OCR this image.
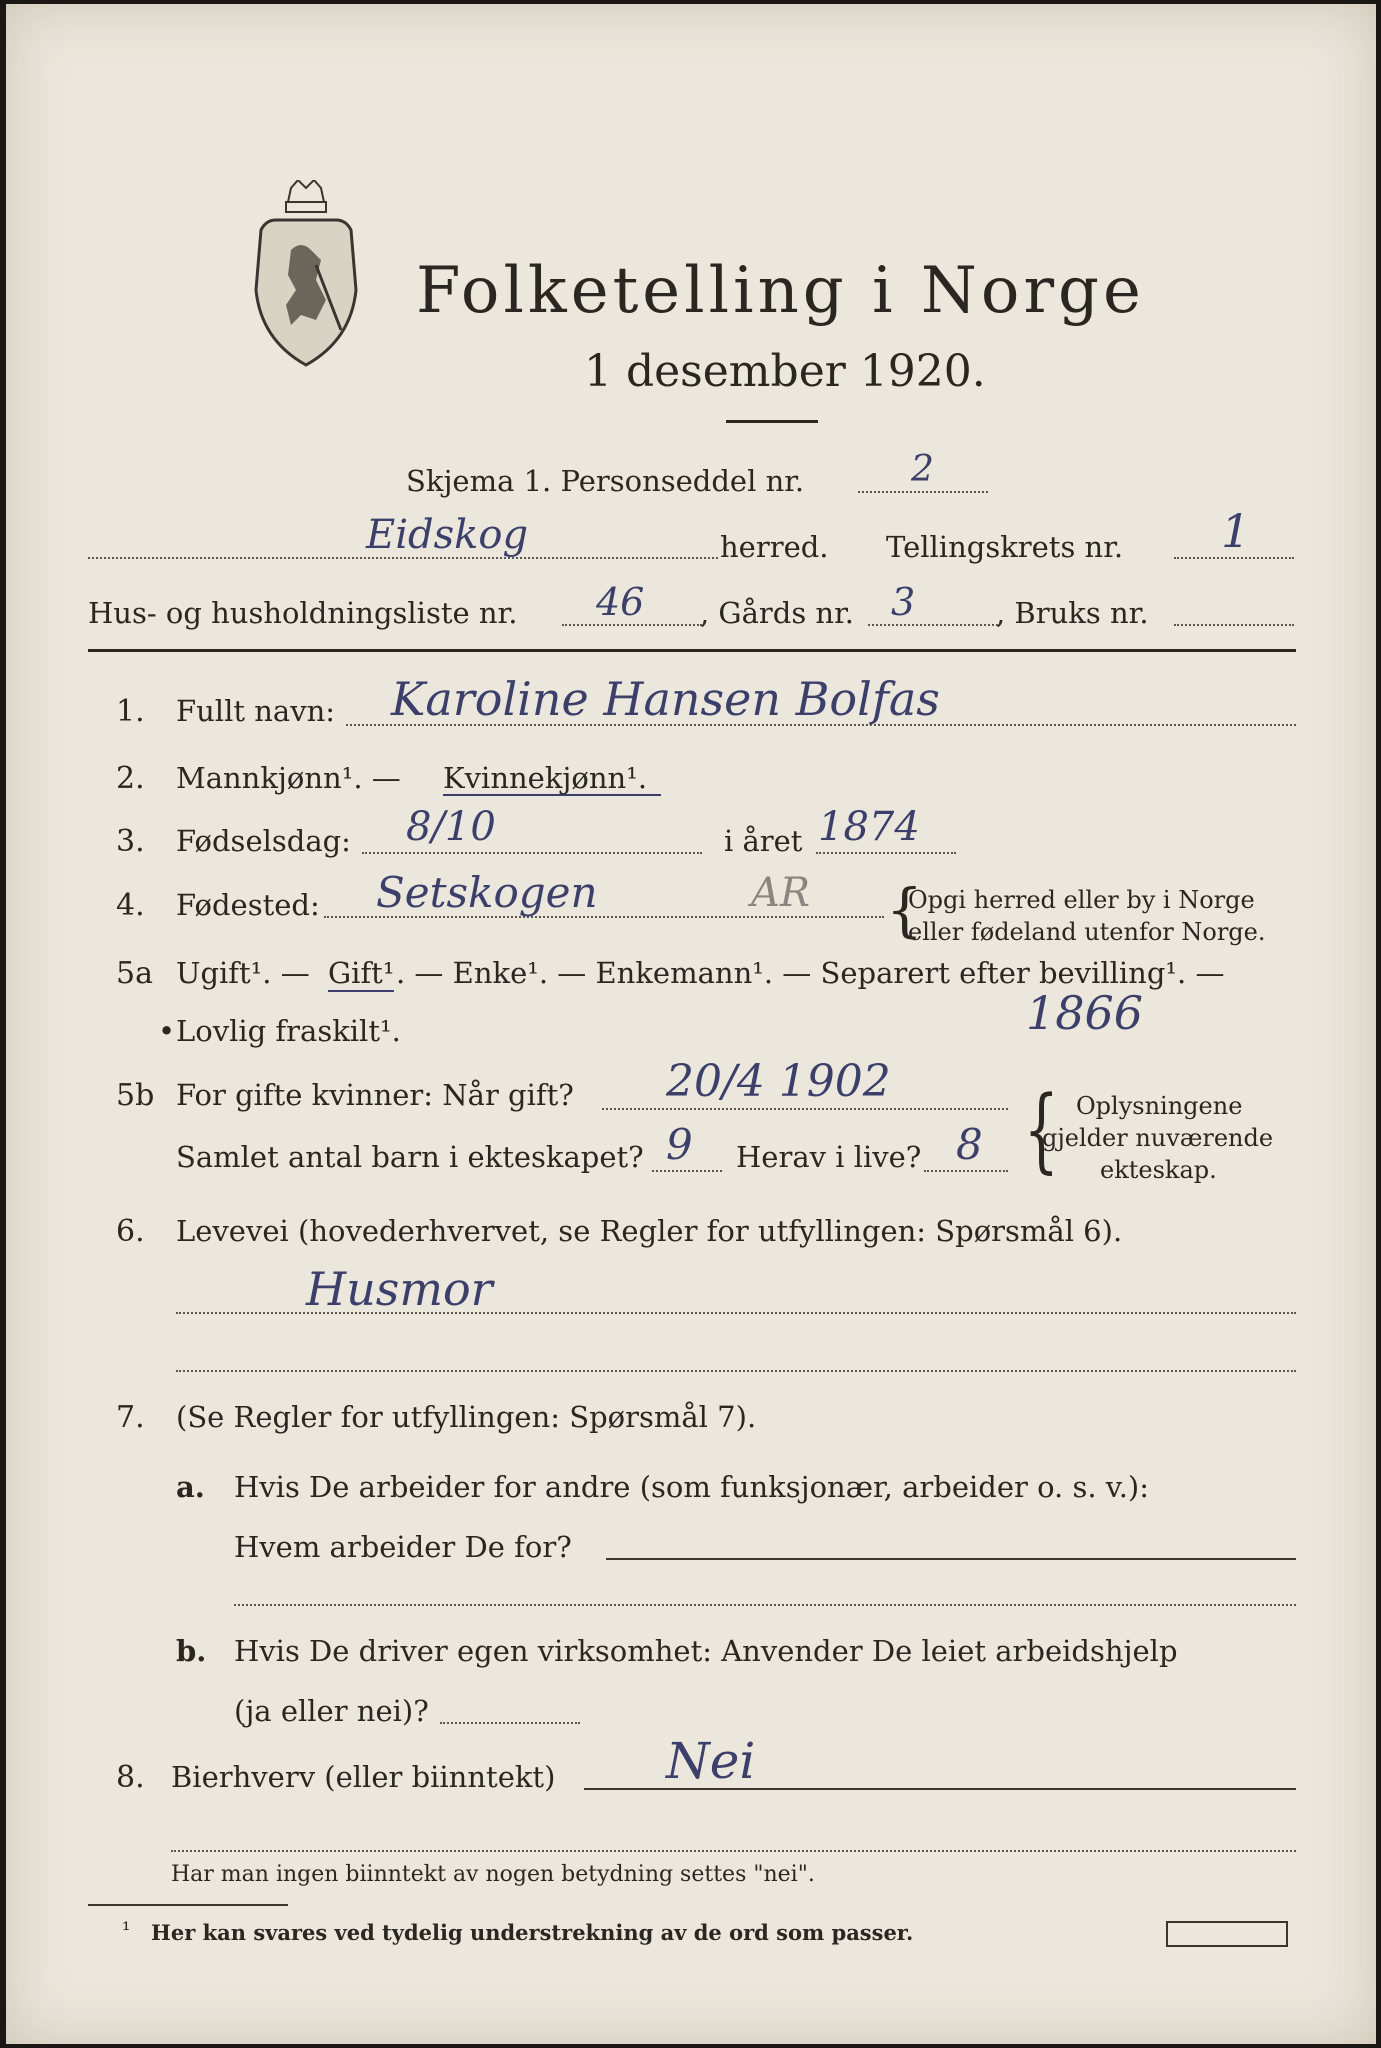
Folketelling i Norge
1 desember 1920.
Skjema 1. Personseddel nr.	2
Eidskog	herred. Tellingskrets nr. 1
Hus- og husholdningsliste nr. 46 , Gårds nr. 3	, Bruks nr.
1. Fullt navn: Karoline Hansen Bolfas
2. Mannkjønn¹. — Kvinnekjønn¹.
3. Fødselsdag: 8/10	i året 1874
4. Fødested: Setskogen	AR {
Opgi herred eller by i Norge
eller fødeland utenfor Norge.
5a Ugift¹. — Gift¹ . — Enke¹. — Enkemann¹. — Separert efter bevilling¹. —
• Lovlig fraskilt¹.	1866
5b For gifte kvinner: Når gift? 20/4 1902
Samlet antal barn i ekteskapet? 9 Herav i live? 8 { Oplysningene
gjelder nuværende
ekteskap.
6. Levevei (hovederhvervet, se Regler for utfyllingen: Spørsmål 6).
Husmor
7. (Se Regler for utfyllingen: Spørsmål 7).
a. Hvis De arbeider for andre (som funksjonær, arbeider o. s. v.):
Hvem arbeider De for?
b. Hvis De driver egen virksomhet: Anvender De leiet arbeidshjelp
(ja eller nei)?
8. Bierhverv (eller biinntekt) Nei
Har man ingen biinntekt av nogen betydning settes "nei".
¹ Her kan svares ved tydelig understrekning av de ord som passer.
